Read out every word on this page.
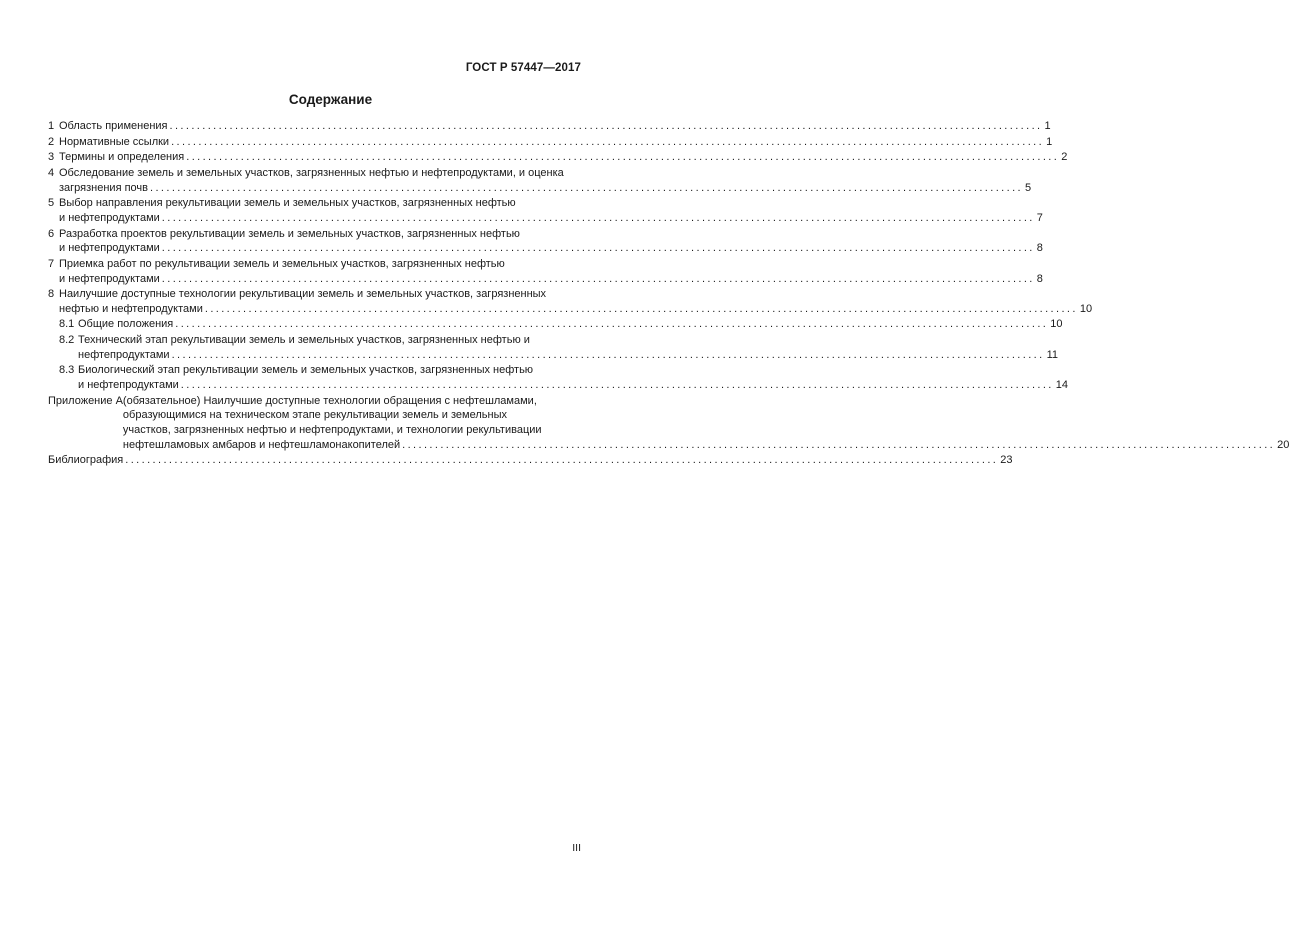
ГОСТ Р 57447—2017
Содержание
1 Область применения .....	1
2 Нормативные ссылки .....	1
3 Термины и определения .....	2
4 Обследование земель и земельных участков, загрязненных нефтью и нефтепродуктами, и оценка
загрязнения почв .....	5
5 Выбор направления рекультивации земель и земельных участков, загрязненных нефтью
и нефтепродуктами .....	7
6 Разработка проектов рекультивации земель и земельных участков, загрязненных нефтью
и нефтепродуктами .....	8
7 Приемка работ по рекультивации земель и земельных участков, загрязненных нефтью
и нефтепродуктами .....	8
8 Наилучшие доступные технологии рекультивации земель и земельных участков, загрязненных
нефтью и нефтепродуктами .....	10
8.1 Общие положения .....	10
8.2 Технический этап рекультивации земель и земельных участков, загрязненных нефтью и
нефтепродуктами .....	11
8.3 Биологический этап рекультивации земель и земельных участков, загрязненных нефтью
и нефтепродуктами .....	14
Приложение А (обязательное) Наилучшие доступные технологии обращения с нефтешламами,
образующимися на техническом этапе рекультивации земель и земельных
участков, загрязненных нефтью и нефтепродуктами, и технологии рекультивации
нефтешламовых амбаров и нефтешламонакопителей .....	20
Библиография .....	23
III
